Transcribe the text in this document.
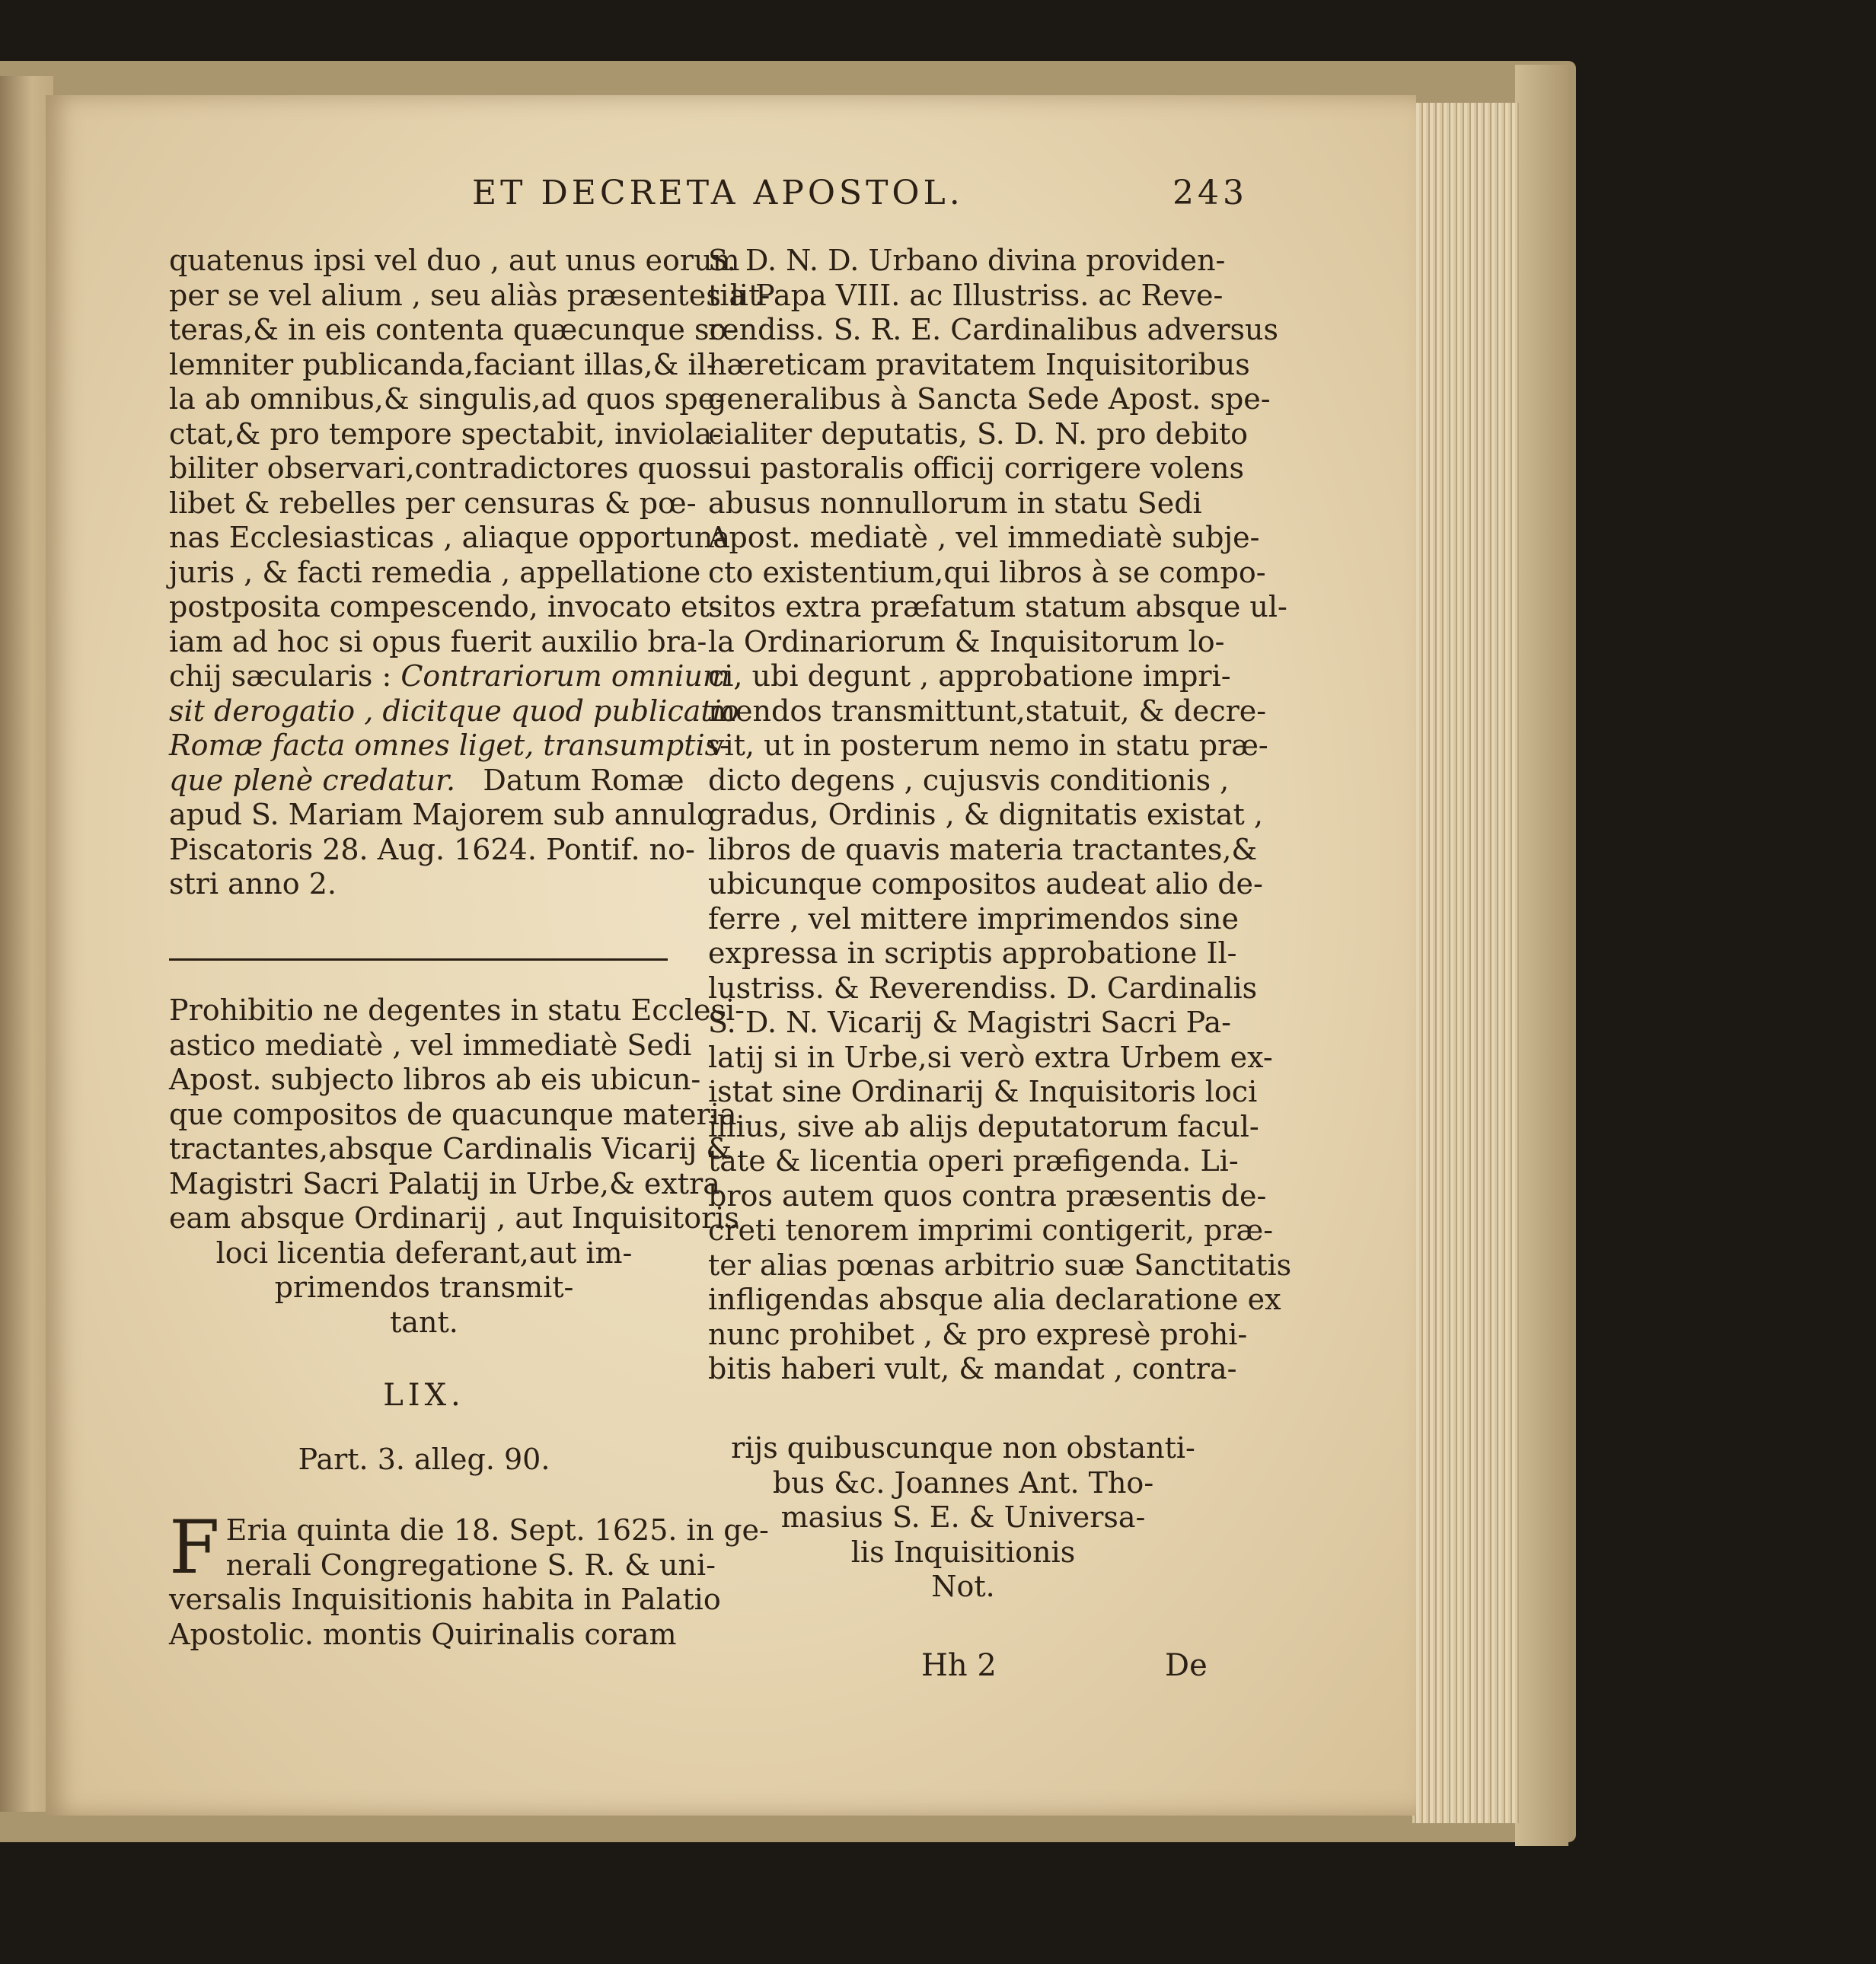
ET DECRETA APOSTOL.	243
quatenus ipsi vel duo , aut unus eorum
per se vel alium , seu aliàs præsentes lit-
teras,& in eis contenta quæcunque so-
lemniter publicanda,faciant illas,& il-
la ab omnibus,& singulis,ad quos spe-
ctat,& pro tempore spectabit, inviola-
biliter observari,contradictores quos-
libet & rebelles per censuras & pœ-
nas Ecclesiasticas , aliaque opportuna
juris , & facti remedia , appellatione
postposita compescendo, invocato et-
iam ad hoc si opus fuerit auxilio bra-
chij sæcularis : Contrariorum omnium
sit derogatio , dicitque quod publicatio
Romæ facta omnes liget, transumptis-
que plenè credatur. Datum Romæ
apud S. Mariam Majorem sub annulo
Piscatoris 28. Aug. 1624. Pontif. no-
stri anno 2.
Prohibitio ne degentes in statu Ecclesi-
astico mediatè , vel immediatè Sedi
Apost. subjecto libros ab eis ubicun-
que compositos de quacunque materia
tractantes,absque Cardinalis Vicarij &
Magistri Sacri Palatij in Urbe,& extra
eam absque Ordinarij , aut Inquisitoris
loci licentia deferant,aut im-
primendos transmit-
tant.
LIX.
Part. 3. alleg. 90.
F Eria quinta die 18. Sept. 1625. in ge-
nerali Congregatione S. R. & uni-
versalis Inquisitionis habita in Palatio
Apostolic. montis Quirinalis coram
S. D. N. D. Urbano divina providen-
tia Papa VIII. ac Illustriss. ac Reve-
rendiss. S. R. E. Cardinalibus adversus
hæreticam pravitatem Inquisitoribus
generalibus à Sancta Sede Apost. spe-
cialiter deputatis, S. D. N. pro debito
sui pastoralis officij corrigere volens
abusus nonnullorum in statu Sedi
Apost. mediatè , vel immediatè subje-
cto existentium,qui libros à se compo-
sitos extra præfatum statum absque ul-
la Ordinariorum & Inquisitorum lo-
ci, ubi degunt , approbatione impri-
mendos transmittunt,statuit, & decre-
vit, ut in posterum nemo in statu præ-
dicto degens , cujusvis conditionis ,
gradus, Ordinis , & dignitatis existat ,
libros de quavis materia tractantes,&
ubicunque compositos audeat alio de-
ferre , vel mittere imprimendos sine
expressa in scriptis approbatione Il-
lustriss. & Reverendiss. D. Cardinalis
S. D. N. Vicarij & Magistri Sacri Pa-
latij si in Urbe,si verò extra Urbem ex-
istat sine Ordinarij & Inquisitoris loci
illius, sive ab alijs deputatorum facul-
tate & licentia operi præfigenda. Li-
bros autem quos contra præsentis de-
creti tenorem imprimi contigerit, præ-
ter alias pœnas arbitrio suæ Sanctitatis
infligendas absque alia declaratione ex
nunc prohibet , & pro expresè prohi-
bitis haberi vult, & mandat , contra-
rijs quibuscunque non obstanti-
bus &c. Joannes Ant. Tho-
masius S. E. & Universa-
lis Inquisitionis
Not.
Hh 2	De
